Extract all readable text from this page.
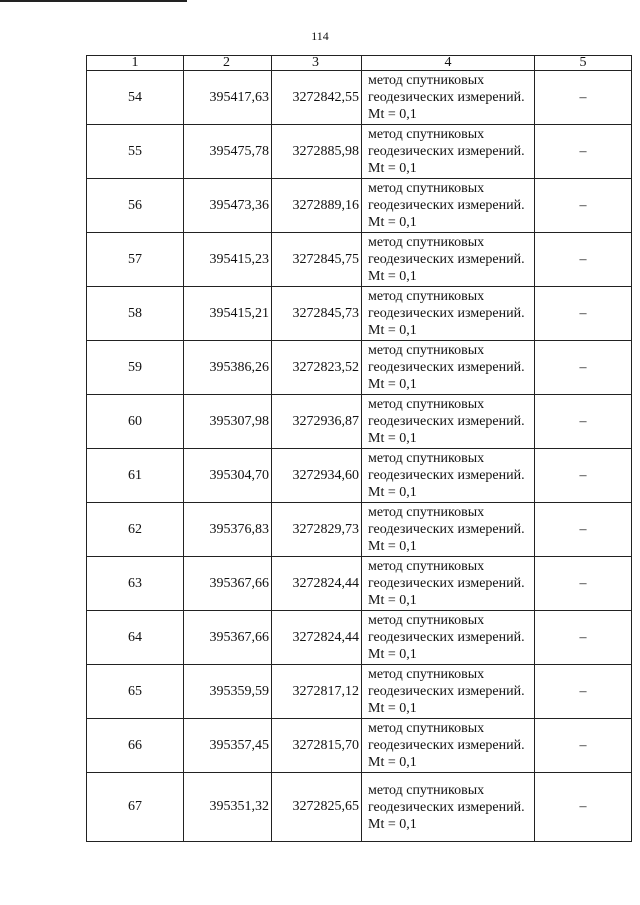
114
1	2	3	4	5
54	395417,63	3272842,55	метод спутниковых геодезических измерений. Mt = 0,1	–
55	395475,78	3272885,98	метод спутниковых геодезических измерений. Mt = 0,1	–
56	395473,36	3272889,16	метод спутниковых геодезических измерений. Mt = 0,1	–
57	395415,23	3272845,75	метод спутниковых геодезических измерений. Mt = 0,1	–
58	395415,21	3272845,73	метод спутниковых геодезических измерений. Mt = 0,1	–
59	395386,26	3272823,52	метод спутниковых геодезических измерений. Mt = 0,1	–
60	395307,98	3272936,87	метод спутниковых геодезических измерений. Mt = 0,1	–
61	395304,70	3272934,60	метод спутниковых геодезических измерений. Mt = 0,1	–
62	395376,83	3272829,73	метод спутниковых геодезических измерений. Mt = 0,1	–
63	395367,66	3272824,44	метод спутниковых геодезических измерений. Mt = 0,1	–
64	395367,66	3272824,44	метод спутниковых геодезических измерений. Mt = 0,1	–
65	395359,59	3272817,12	метод спутниковых геодезических измерений. Mt = 0,1	–
66	395357,45	3272815,70	метод спутниковых геодезических измерений. Mt = 0,1	–
67	395351,32	3272825,65	метод спутниковых геодезических измерений. Mt = 0,1	–
